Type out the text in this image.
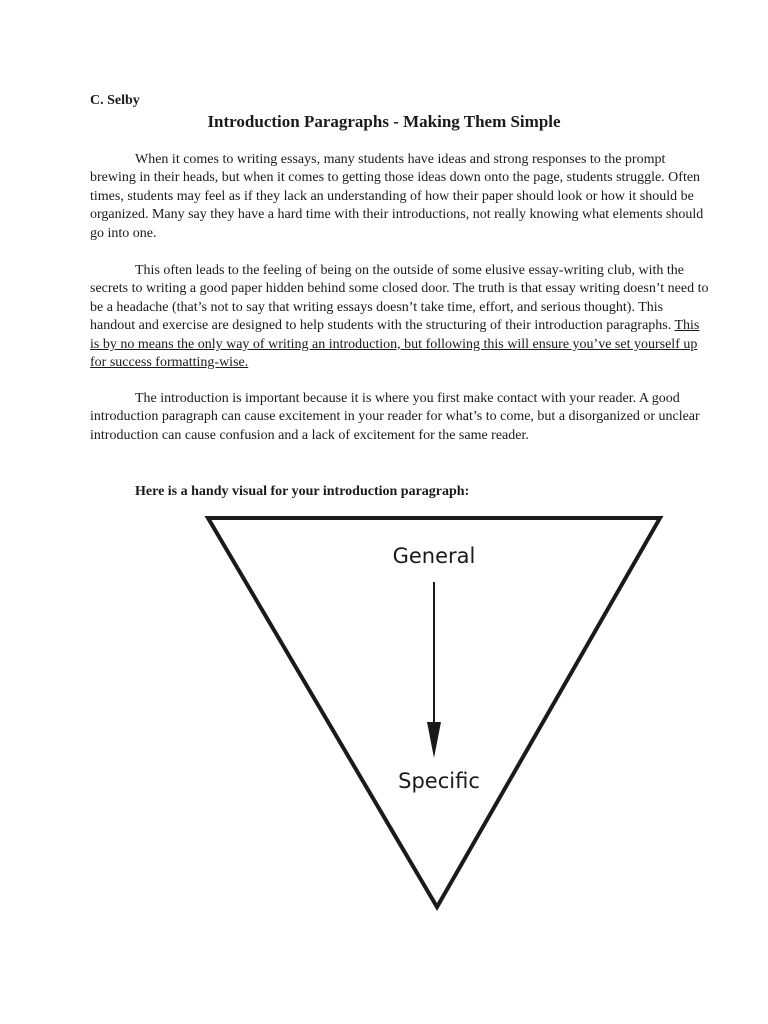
C. Selby

Introduction Paragraphs - Making Them Simple

When it comes to writing essays, many students have ideas and strong responses to the prompt brewing in their heads, but when it comes to getting those ideas down onto the page, students struggle. Often times, students may feel as if they lack an understanding of how their paper should look or how it should be organized. Many say they have a hard time with their introductions, not really knowing what elements should go into one.

This often leads to the feeling of being on the outside of some elusive essay-writing club, with the secrets to writing a good paper hidden behind some closed door. The truth is that essay writing doesn’t need to be a headache (that’s not to say that writing essays doesn’t take time, effort, and serious thought). This handout and exercise are designed to help students with the structuring of their introduction paragraphs. This is by no means the only way of writing an introduction, but following this will ensure you’ve set yourself up for success formatting-wise.

The introduction is important because it is where you first make contact with your reader. A good introduction paragraph can cause excitement in your reader for what’s to come, but a disorganized or unclear introduction can cause confusion and a lack of excitement for the same reader.

Here is a handy visual for your introduction paragraph:

General
Specific
